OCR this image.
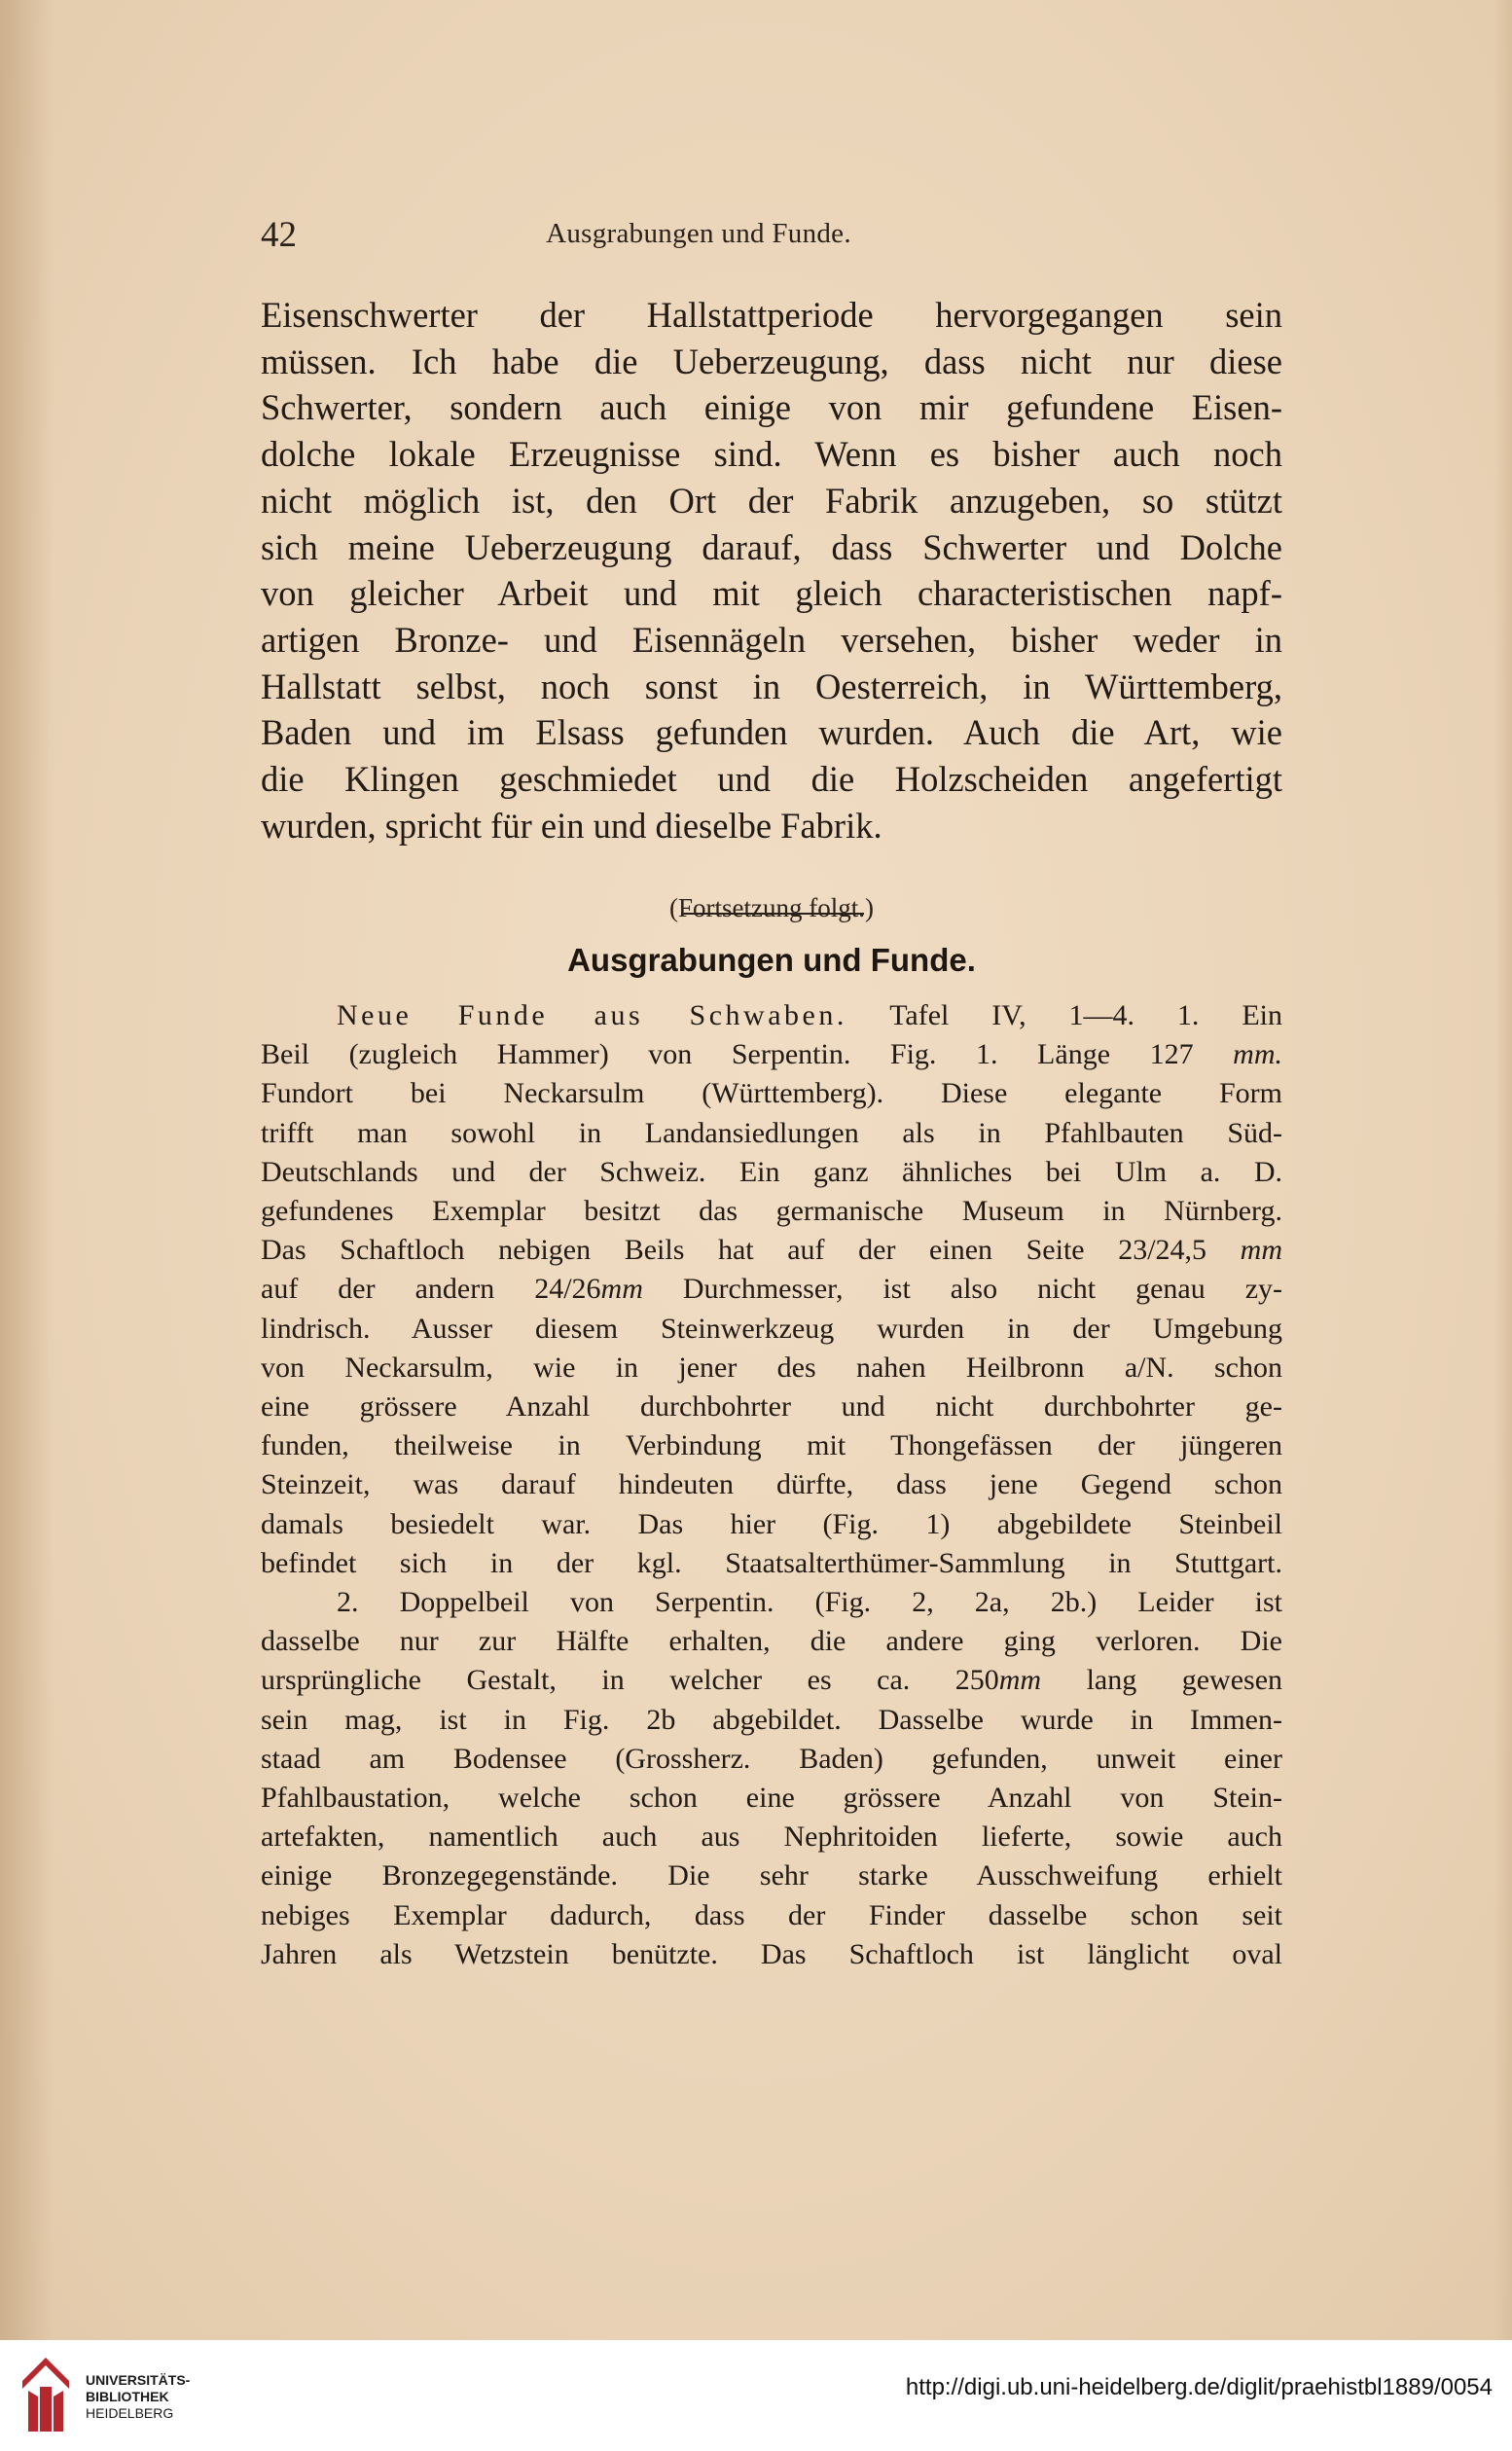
42	Ausgrabungen und Funde.
Eisenschwerter der Hallstattperiode hervorgegangen sein
müssen. Ich habe die Ueberzeugung, dass nicht nur diese
Schwerter, sondern auch einige von mir gefundene Eisen-
dolche lokale Erzeugnisse sind. Wenn es bisher auch noch
nicht möglich ist, den Ort der Fabrik anzugeben, so stützt
sich meine Ueberzeugung darauf, dass Schwerter und Dolche
von gleicher Arbeit und mit gleich characteristischen napf-
artigen Bronze- und Eisennägeln versehen, bisher weder in
Hallstatt selbst, noch sonst in Oesterreich, in Württemberg,
Baden und im Elsass gefunden wurden. Auch die Art, wie
die Klingen geschmiedet und die Holzscheiden angefertigt
wurden, spricht für ein und dieselbe Fabrik.
(Fortsetzung folgt.)
Ausgrabungen und Funde.
Neue Funde aus Schwaben. Tafel IV, 1—4. 1. Ein
Beil (zugleich Hammer) von Serpentin. Fig. 1. Länge 127 mm.
Fundort bei Neckarsulm (Württemberg). Diese elegante Form
trifft man sowohl in Landansiedlungen als in Pfahlbauten Süd-
Deutschlands und der Schweiz. Ein ganz ähnliches bei Ulm a. D.
gefundenes Exemplar besitzt das germanische Museum in Nürnberg.
Das Schaftloch nebigen Beils hat auf der einen Seite 23/24,5 mm
auf der andern 24/26mm Durchmesser, ist also nicht genau zy-
lindrisch. Ausser diesem Steinwerkzeug wurden in der Umgebung
von Neckarsulm, wie in jener des nahen Heilbronn a/N. schon
eine grössere Anzahl durchbohrter und nicht durchbohrter ge-
funden, theilweise in Verbindung mit Thongefässen der jüngeren
Steinzeit, was darauf hindeuten dürfte, dass jene Gegend schon
damals besiedelt war. Das hier (Fig. 1) abgebildete Steinbeil
befindet sich in der kgl. Staatsalterthümer-Sammlung in Stuttgart.
2. Doppelbeil von Serpentin. (Fig. 2, 2a, 2b.) Leider ist
dasselbe nur zur Hälfte erhalten, die andere ging verloren. Die
ursprüngliche Gestalt, in welcher es ca. 250mm lang gewesen
sein mag, ist in Fig. 2b abgebildet. Dasselbe wurde in Immen-
staad am Bodensee (Grossherz. Baden) gefunden, unweit einer
Pfahlbaustation, welche schon eine grössere Anzahl von Stein-
artefakten, namentlich auch aus Nephritoiden lieferte, sowie auch
einige Bronzegegenstände. Die sehr starke Ausschweifung erhielt
nebiges Exemplar dadurch, dass der Finder dasselbe schon seit
Jahren als Wetzstein benützte. Das Schaftloch ist länglicht oval
UNIVERSITÄTS-
BIBLIOTHEK
HEIDELBERG
http://digi.ub.uni-heidelberg.de/diglit/praehistbl1889/0054
